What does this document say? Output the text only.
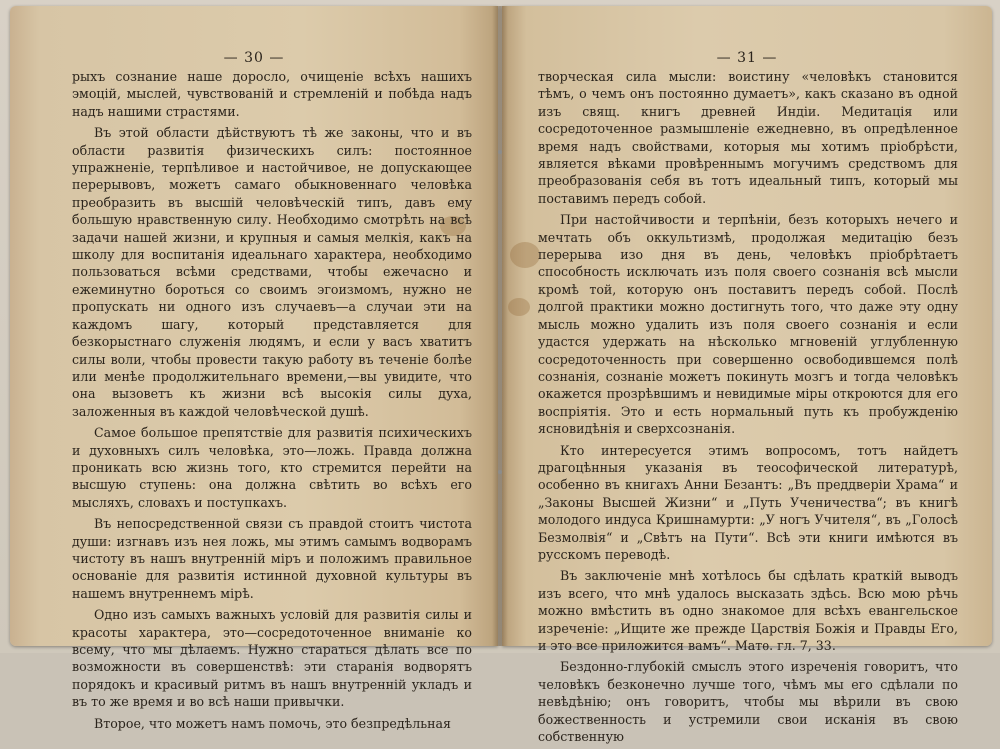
— 30 —

рыхъ сознание наше доросло, очищеніе всѣхъ нашихъ эмоцій, мыслей, чувствованій и стремленій и побѣда надъ надъ нашими страстями.

Въ этой области дѣйствуютъ тѣ же законы, что и въ области развитія физическихъ силъ: постоянное упражненіе, терпѣливое и настойчивое, не допускающее перерывовъ, можетъ самаго обыкновеннаго человѣка преобразить въ высшій человѣческій типъ, давъ ему большую нравственную силу. Необходимо смотрѣть на всѣ задачи нашей жизни, и крупныя и самыя мелкія, какъ на школу для воспитанія идеальнаго характера, необходимо пользоваться всѣми средствами, чтобы ежечасно и ежеминутно бороться со своимъ эгоизмомъ, нужно не пропускать ни одного изъ случаевъ—а случаи эти на каждомъ шагу, который представляется для безкорыстнаго служенія людямъ, и если у васъ хватитъ силы воли, чтобы провести такую работу въ теченіе болѣе или менѣе продолжительнаго времени,—вы увидите, что она вызоветъ къ жизни всѣ высокія силы духа, заложенныя въ каждой человѣческой душѣ.

Самое большое препятствіе для развитія психическихъ и духовныхъ силъ человѣка, это—ложь. Правда должна проникать всю жизнь того, кто стремится перейти на высшую ступень: она должна свѣтить во всѣхъ его мысляхъ, словахъ и поступкахъ.

Въ непосредственной связи съ правдой стоитъ чистота души: изгнавъ изъ нея ложь, мы этимъ самымъ водворамъ чистоту въ нашъ внутренній міръ и положимъ правильное основаніе для развитія истинной духовной культуры въ нашемъ внутреннемъ мірѣ.

Одно изъ самыхъ важныхъ условій для развитія силы и красоты характера, это—сосредоточенное вниманіе ко всему, что мы дѣлаемъ. Нужно стараться дѣлать все по возможности въ совершенствѣ: эти старанія водворятъ порядокъ и красивый ритмъ въ нашъ внутренній укладъ и въ то же время и во всѣ наши привычки.

Второе, что можетъ намъ помочь, это безпредѣльная

— 31 —

творческая сила мысли: воистину «человѣкъ становится тѣмъ, о чемъ онъ постоянно думаетъ», какъ сказано въ одной изъ свящ. книгъ древней Индіи. Медитація или сосредоточенное размышленіе ежедневно, въ опредѣленное время надъ свойствами, которыя мы хотимъ пріобрѣсти, является вѣками провѣреннымъ могучимъ средствомъ для преобразованія себя въ тотъ идеальный типъ, который мы поставимъ передъ собой.

При настойчивости и терпѣніи, безъ которыхъ нечего и мечтать объ оккультизмѣ, продолжая медитацію безъ перерыва изо дня въ день, человѣкъ пріобрѣтаетъ способность исключать изъ поля своего сознанія всѣ мысли кромѣ той, которую онъ поставитъ передъ собой. Послѣ долгой практики можно достигнуть того, что даже эту одну мысль можно удалить изъ поля своего сознанія и если удастся удержать на нѣсколько мгновеній углубленную сосредоточенность при совершенно освободившемся полѣ сознанія, сознаніе можетъ покинуть мозгъ и тогда человѣкъ окажется прозрѣвшимъ и невидимые міры откроются для его воспріятія. Это и есть нормальный путь къ пробужденію ясновидѣнія и сверхсознанія.

Кто интересуется этимъ вопросомъ, тотъ найдетъ драгоцѣнныя указанія въ теософической литературѣ, особенно въ книгахъ Анни Безантъ: „Въ преддверіи Храма“ и „Законы Высшей Жизни“ и „Путь Ученичества“; въ книгѣ молодого индуса Кришнамурти: „У ногъ Учителя“, въ „Голосѣ Безмолвія“ и „Свѣтъ на Пути“. Всѣ эти книги имѣются въ русскомъ переводѣ.

Въ заключеніе мнѣ хотѣлось бы сдѣлать краткій выводъ изъ всего, что мнѣ удалось высказать здѣсь. Всю мою рѣчь можно вмѣстить въ одно знакомое для всѣхъ евангельское изреченіе: „Ищите же прежде Царствія Божія и Правды Его, и это все приложится вамъ“. Матѳ. гл. 7, 33.

Бездонно-глубокій смыслъ этого изреченія говоритъ, что человѣкъ безконечно лучше того, чѣмъ мы его сдѣлали по невѣдѣнію; онъ говоритъ, чтобы мы вѣрили въ свою божественность и устремили свои исканія въ свою собственную
